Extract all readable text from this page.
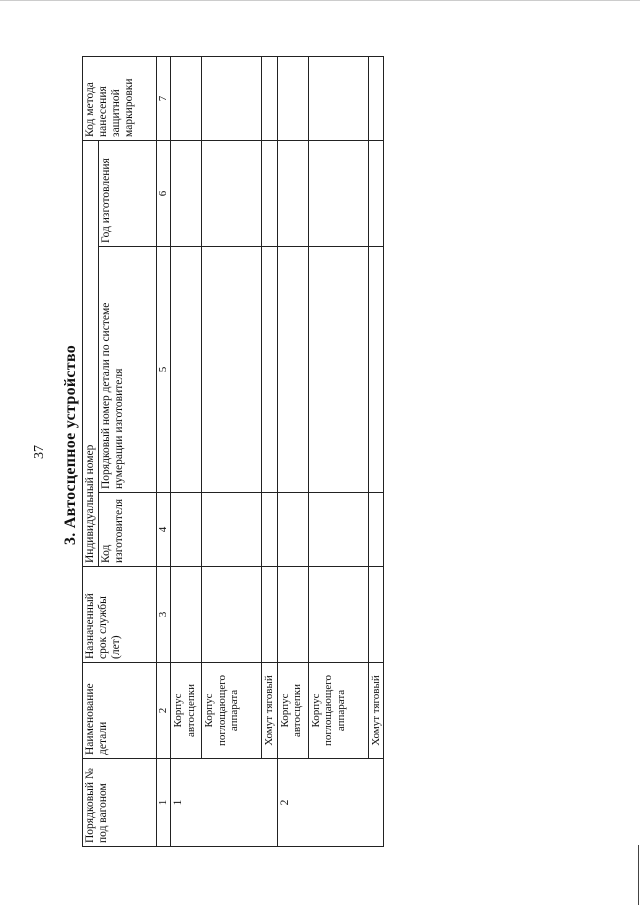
37 3. Автосцепное устройство
Порядковый № под вагоном	Наименование детали	Назначенный срок службы (лет)	Индивидуальный номер			Код метода нанесения защитной маркировки
			Код изготовителя	Порядковый номер детали по системе нумерации изготовителя	Год изготовления	
1	2	3	4	5	6	7
1	Корпус автосцепки					
	Корпус поглощающего аппарата					
	Хомут тяговый					
2	Корпус автосцепки					
	Корпус поглощающего аппарата					
	Хомут тяговый					
